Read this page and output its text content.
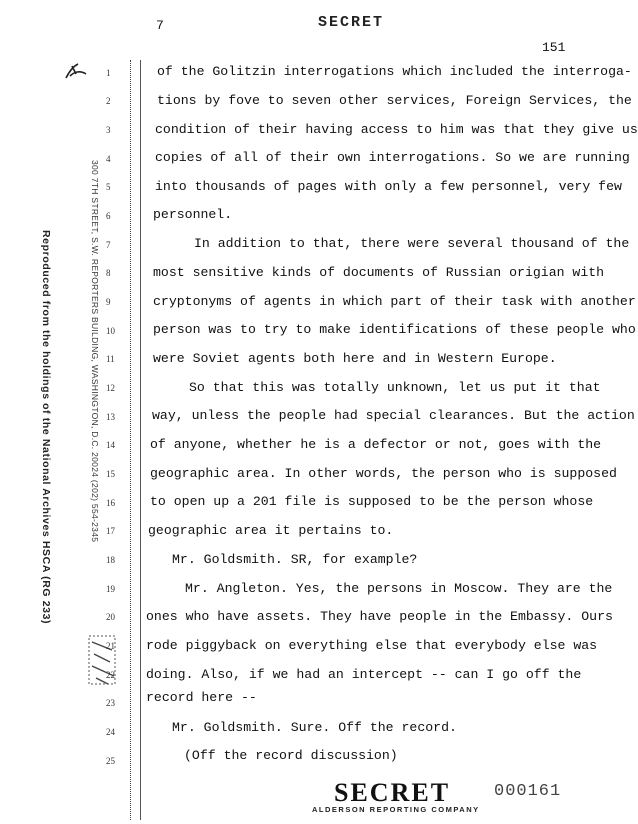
7	SECRET
151
Reproduced from the holdings of the National Archives HSCA (RG 233)	300 7TH STREET, S.W. REPORTERS BUILDING, WASHINGTON, D.C. 20024 (202) 554-2345
1
2
3
4
5
6
7
8
9
10
11
12
13
14
15
16
17
18
19
20
21
22
23
24
25
of the Golitzin interrogations which included the interroga-
tions by fove to seven other services, Foreign Services, the
condition of their having access to him was that they give us
copies of all of their own interrogations. So we are running
into thousands of pages with only a few personnel, very few
personnel.
In addition to that, there were several thousand of the
most sensitive kinds of documents of Russian origian with
cryptonyms of agents in which part of their task with another
person was to try to make identifications of these people who
were Soviet agents both here and in Western Europe.
So that this was totally unknown, let us put it that
way, unless the people had special clearances. But the action
of anyone, whether he is a defector or not, goes with the
geographic area. In other words, the person who is supposed
to open up a 201 file is supposed to be the person whose
geographic area it pertains to.
Mr. Goldsmith. SR, for example?
Mr. Angleton. Yes, the persons in Moscow. They are the
ones who have assets. They have people in the Embassy. Ours
rode piggyback on everything else that everybody else was
doing. Also, if we had an intercept -- can I go off the
record here --
Mr. Goldsmith. Sure. Off the record.
(Off the record discussion)
SECRET	000161
ALDERSON REPORTING COMPANY
